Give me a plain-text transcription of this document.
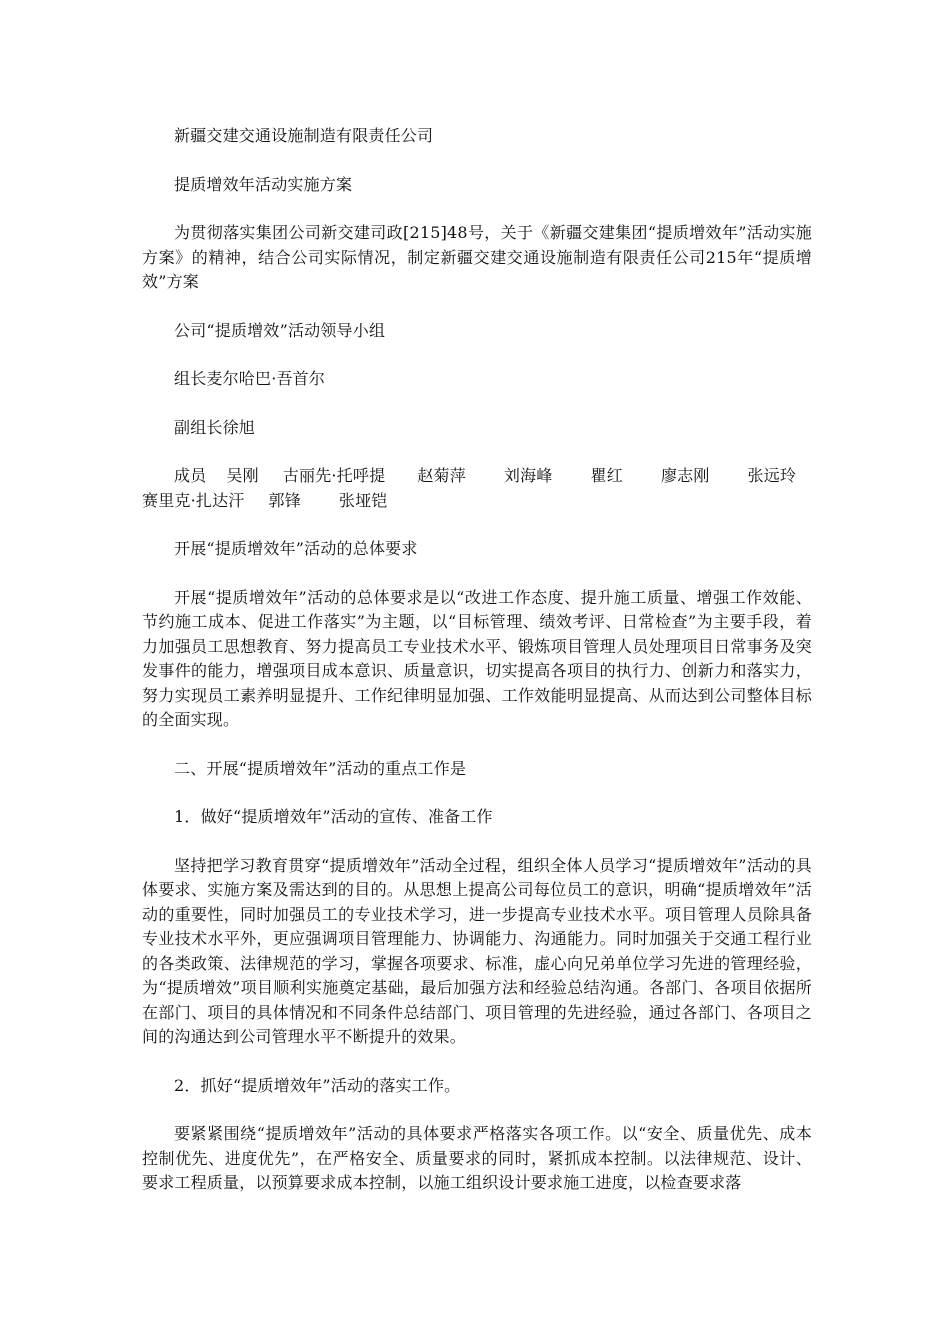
新疆交建交通设施制造有限责任公司

提质增效年活动实施方案

为贯彻落实集团公司新交建司政[215]48号，关于《新疆交建集团“提质增效年”活动实施方案》的精神，结合公司实际情况，制定新疆交建交通设施制造有限责任公司215年“提质增效”方案

公司“提质增效”活动领导小组

组长麦尔哈巴·吾首尔

副组长徐旭

成员 吴刚 古丽先·托呼提 赵菊萍 刘海峰 瞿红 廖志刚 张远玲
赛里克·扎达汗 郭锋 张垭铠

开展“提质增效年”活动的总体要求

开展“提质增效年”活动的总体要求是以“改进工作态度、提升施工质量、增强工作效能、节约施工成本、促进工作落实”为主题，以“目标管理、绩效考评、日常检查”为主要手段，着力加强员工思想教育、努力提高员工专业技术水平、锻炼项目管理人员处理项目日常事务及突发事件的能力，增强项目成本意识、质量意识，切实提高各项目的执行力、创新力和落实力，努力实现员工素养明显提升、工作纪律明显加强、工作效能明显提高、从而达到公司整体目标的全面实现。

二、开展“提质增效年”活动的重点工作是

1．做好“提质增效年”活动的宣传、准备工作

坚持把学习教育贯穿“提质增效年”活动全过程，组织全体人员学习“提质增效年”活动的具体要求、实施方案及需达到的目的。从思想上提高公司每位员工的意识，明确“提质增效年”活动的重要性，同时加强员工的专业技术学习，进一步提高专业技术水平。项目管理人员除具备专业技术水平外，更应强调项目管理能力、协调能力、沟通能力。同时加强关于交通工程行业的各类政策、法律规范的学习，掌握各项要求、标准，虚心向兄弟单位学习先进的管理经验，为“提质增效”项目顺利实施奠定基础，最后加强方法和经验总结沟通。各部门、各项目依据所在部门、项目的具体情况和不同条件总结部门、项目管理的先进经验，通过各部门、各项目之间的沟通达到公司管理水平不断提升的效果。

2．抓好“提质增效年”活动的落实工作。

要紧紧围绕“提质增效年”活动的具体要求严格落实各项工作。以“安全、质量优先、成本控制优先、进度优先”，在严格安全、质量要求的同时，紧抓成本控制。以法律规范、设计、要求工程质量，以预算要求成本控制，以施工组织设计要求施工进度，以检查要求落
